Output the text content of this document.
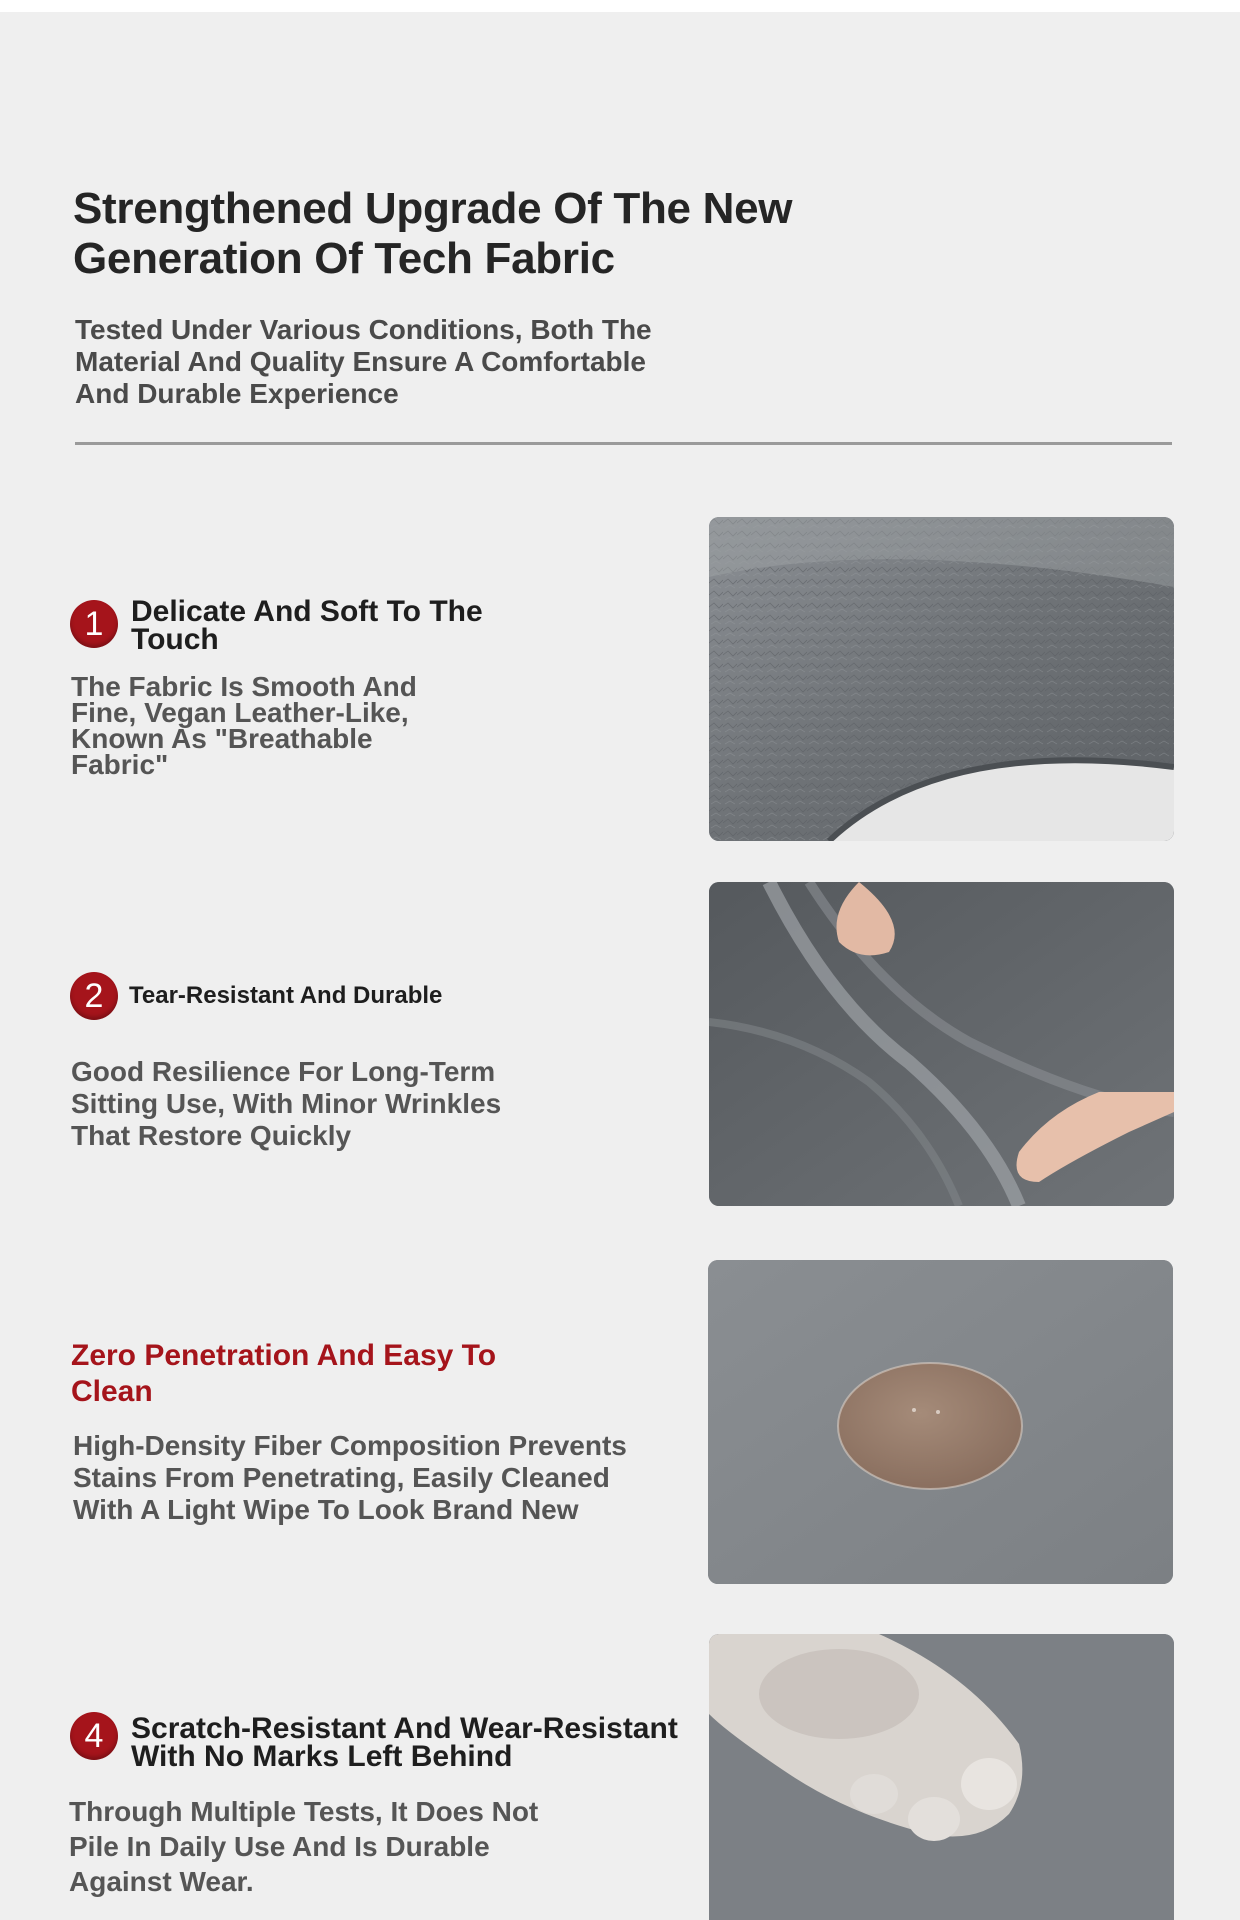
Strengthened Upgrade Of The New Generation Of Tech Fabric

Tested Under Various Conditions, Both The Material And Quality Ensure A Comfortable And Durable Experience

1 Delicate And Soft To The Touch

The Fabric Is Smooth And Fine, Vegan Leather-Like, Known As "Breathable Fabric"

2	Tear-Resistant And Durable

Good Resilience For Long-Term Sitting Use, With Minor Wrinkles That Restore Quickly

Zero Penetration And Easy To Clean

High-Density Fiber Composition Prevents Stains From Penetrating, Easily Cleaned With A Light Wipe To Look Brand New

4 Scratch-Resistant And Wear-Resistant With No Marks Left Behind

Through Multiple Tests, It Does Not Pile In Daily Use And Is Durable Against Wear.
